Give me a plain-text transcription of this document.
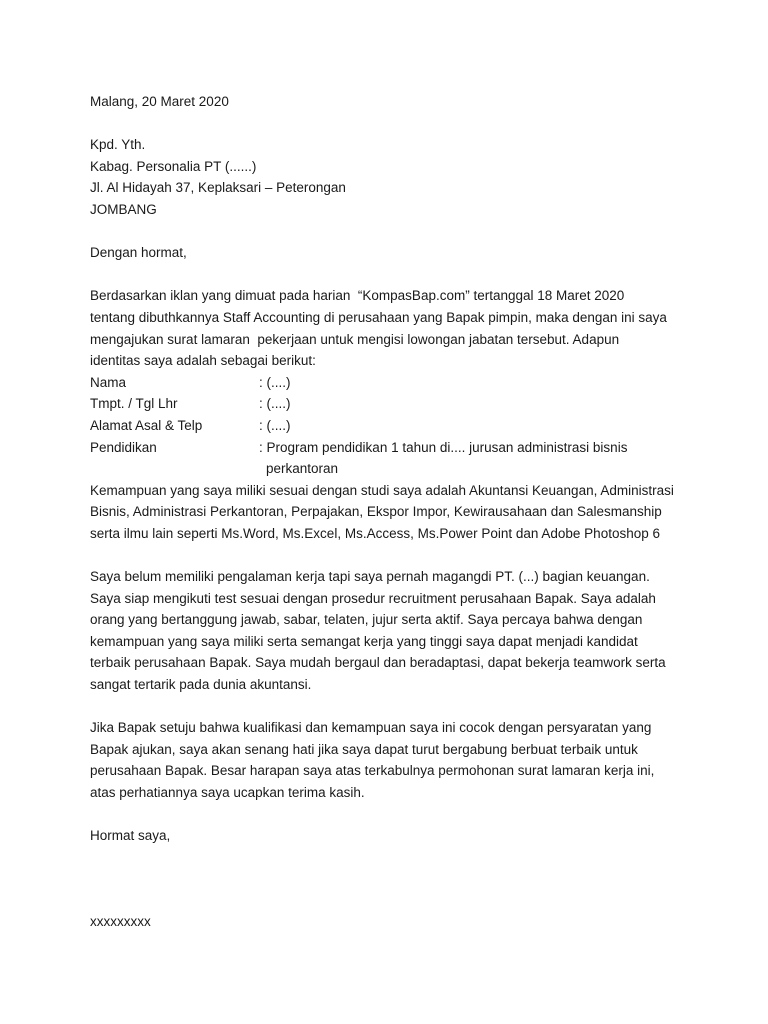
Malang, 20 Maret 2020
Kpd. Yth.
Kabag. Personalia PT (......)
Jl. Al Hidayah 37, Keplaksari – Peterongan
JOMBANG
Dengan hormat,
Berdasarkan iklan yang dimuat pada harian  “KompasBap.com” tertanggal 18 Maret 2020
tentang dibuthkannya Staff Accounting di perusahaan yang Bapak pimpin, maka dengan ini saya
mengajukan surat lamaran  pekerjaan untuk mengisi lowongan jabatan tersebut. Adapun
identitas saya adalah sebagai berikut:
Nama	: (....)
Tmpt. / Tgl Lhr	: (....)
Alamat Asal & Telp	: (....)
Pendidikan	: Program pendidikan 1 tahun di.... jurusan administrasi bisnis
perkantoran
Kemampuan yang saya miliki sesuai dengan studi saya adalah Akuntansi Keuangan, Administrasi
Bisnis, Administrasi Perkantoran, Perpajakan, Ekspor Impor, Kewirausahaan dan Salesmanship
serta ilmu lain seperti Ms.Word, Ms.Excel, Ms.Access, Ms.Power Point dan Adobe Photoshop 6
Saya belum memiliki pengalaman kerja tapi saya pernah magangdi PT. (...) bagian keuangan.
Saya siap mengikuti test sesuai dengan prosedur recruitment perusahaan Bapak. Saya adalah
orang yang bertanggung jawab, sabar, telaten, jujur serta aktif. Saya percaya bahwa dengan
kemampuan yang saya miliki serta semangat kerja yang tinggi saya dapat menjadi kandidat
terbaik perusahaan Bapak. Saya mudah bergaul dan beradaptasi, dapat bekerja teamwork serta
sangat tertarik pada dunia akuntansi.
Jika Bapak setuju bahwa kualifikasi dan kemampuan saya ini cocok dengan persyaratan yang
Bapak ajukan, saya akan senang hati jika saya dapat turut bergabung berbuat terbaik untuk
perusahaan Bapak. Besar harapan saya atas terkabulnya permohonan surat lamaran kerja ini,
atas perhatiannya saya ucapkan terima kasih.
Hormat saya,
xxxxxxxxx
